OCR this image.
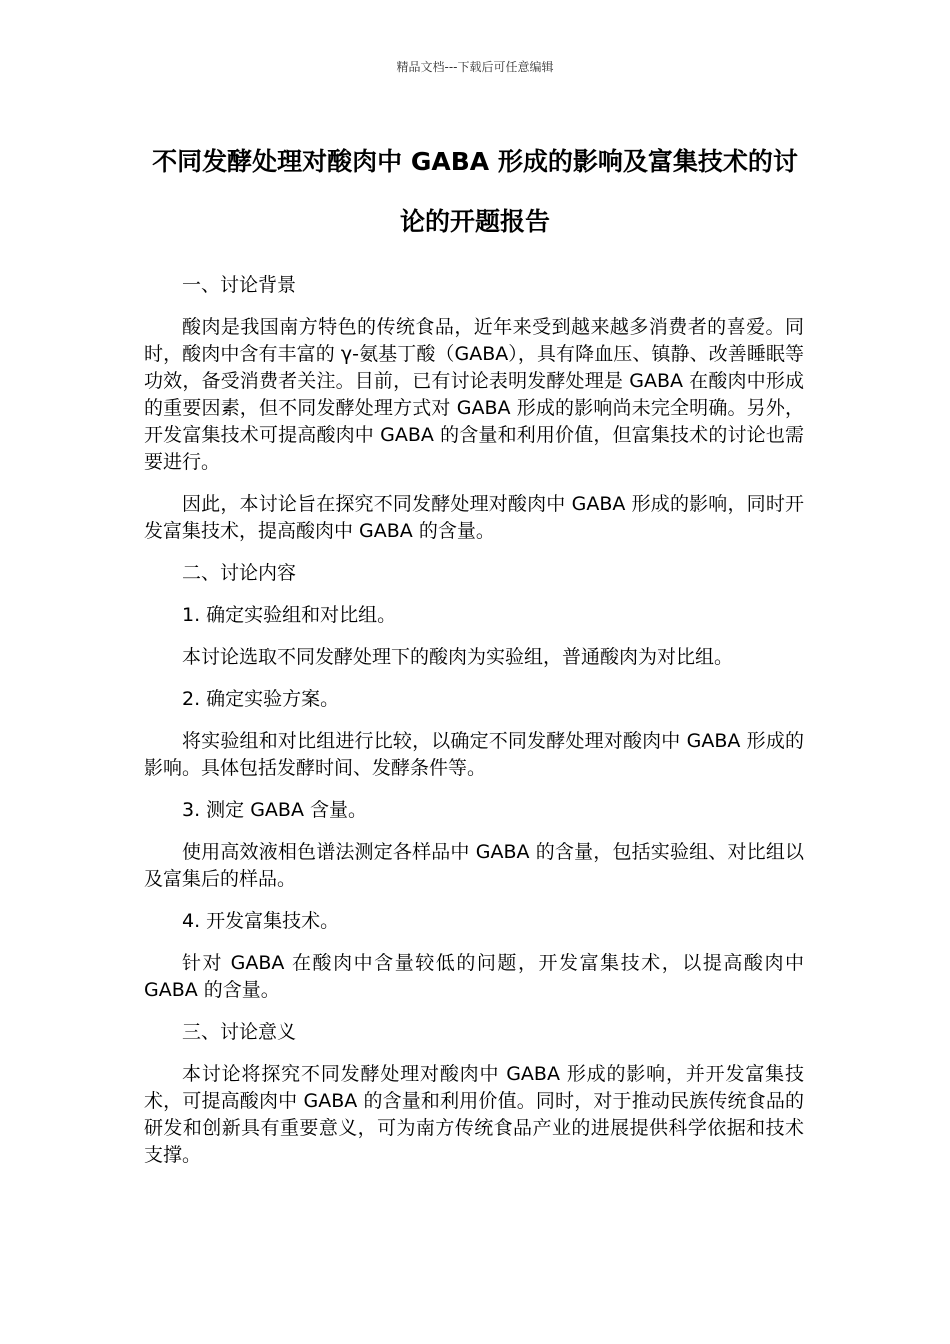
精品文档---下载后可任意编辑
不同发酵处理对酸肉中 GABA 形成的影响及富集技术的讨论的开题报告

一、讨论背景

酸肉是我国南方特色的传统食品，近年来受到越来越多消费者的喜爱。同时，酸肉中含有丰富的 γ-氨基丁酸（GABA），具有降血压、镇静、改善睡眠等功效，备受消费者关注。目前，已有讨论表明发酵处理是 GABA 在酸肉中形成的重要因素，但不同发酵处理方式对 GABA 形成的影响尚未完全明确。另外，开发富集技术可提高酸肉中 GABA 的含量和利用价值，但富集技术的讨论也需要进行。

因此，本讨论旨在探究不同发酵处理对酸肉中 GABA 形成的影响，同时开发富集技术，提高酸肉中 GABA 的含量。

二、讨论内容

1. 确定实验组和对比组。

本讨论选取不同发酵处理下的酸肉为实验组，普通酸肉为对比组。

2. 确定实验方案。

将实验组和对比组进行比较，以确定不同发酵处理对酸肉中 GABA 形成的影响。具体包括发酵时间、发酵条件等。

3. 测定 GABA 含量。

使用高效液相色谱法测定各样品中 GABA 的含量，包括实验组、对比组以及富集后的样品。

4. 开发富集技术。

针对 GABA 在酸肉中含量较低的问题，开发富集技术，以提高酸肉中 GABA 的含量。

三、讨论意义

本讨论将探究不同发酵处理对酸肉中 GABA 形成的影响，并开发富集技术，可提高酸肉中 GABA 的含量和利用价值。同时，对于推动民族传统食品的研发和创新具有重要意义，可为南方传统食品产业的进展提供科学依据和技术支撑。
